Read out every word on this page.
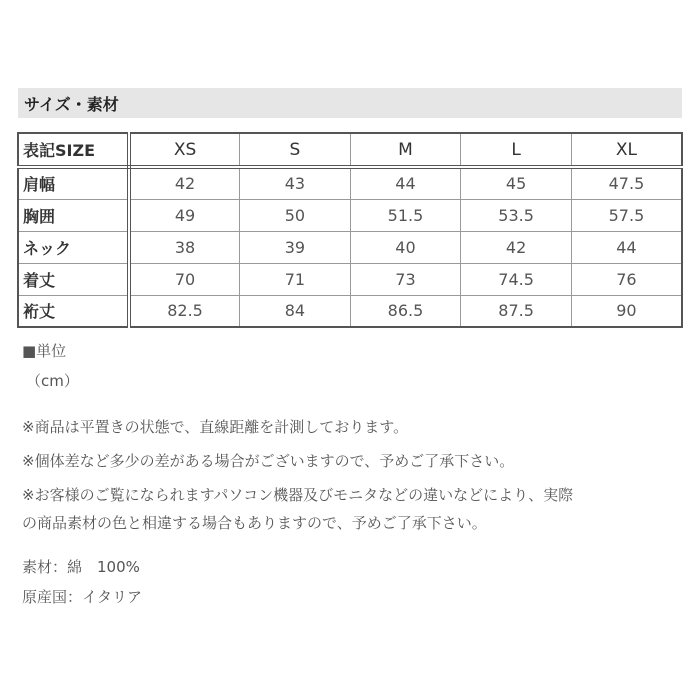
サイズ・素材
表記SIZE	XS	S	M	L	XL
肩幅	42	43	44	45	47.5
胸囲	49	50	51.5	53.5	57.5
ネック	38	39	40	42	44
着丈	70	71	73	74.5	76
裄丈	82.5	84	86.5	87.5	90
■単位
（cm）
※商品は平置きの状態で、直線距離を計測しております。
※個体差など多少の差がある場合がございますので、予めご了承下さい。
※お客様のご覧になられますパソコン機器及びモニタなどの違いなどにより、実際
の商品素材の色と相違する場合もありますので、予めご了承下さい。
素材：綿　100%
原産国：イタリア
